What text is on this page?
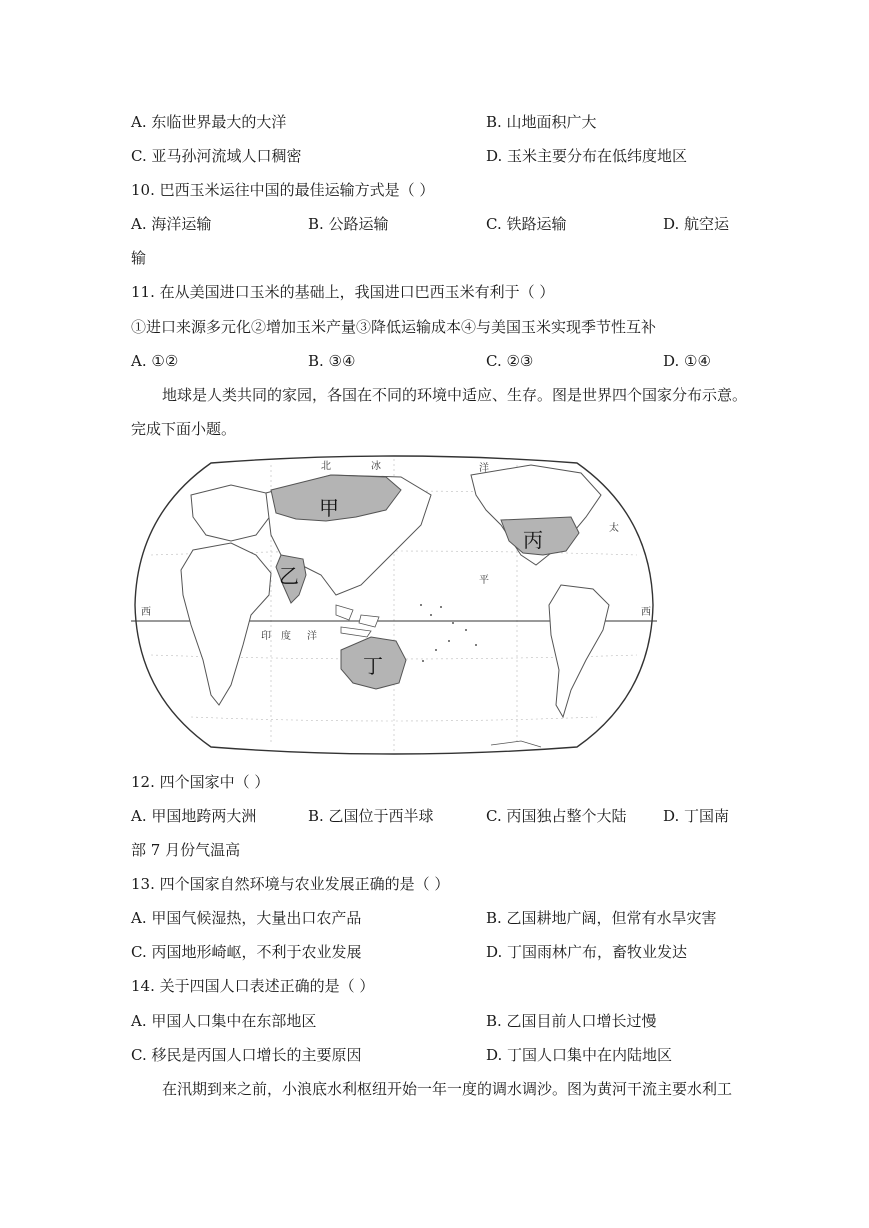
A. 东临世界最大的大洋	B. 山地面积广大
C. 亚马孙河流域人口稠密	D. 玉米主要分布在低纬度地区
10. 巴西玉米运往中国的最佳运输方式是（ ）
A. 海洋运输	B. 公路运输	C. 铁路运输	D. 航空运
输
11. 在从美国进口玉米的基础上，我国进口巴西玉米有利于（ ）
①进口来源多元化②增加玉米产量③降低运输成本④与美国玉米实现季节性互补
A. ①②	B. ③④	C. ②③	D. ①④
地球是人类共同的家园，各国在不同的环境中适应、生存。图是世界四个国家分布示意。
完成下面小题。
甲
乙
丙
丁
北	冰	洋
太
平
西	西
印 度 洋
12. 四个国家中（ ）
A. 甲国地跨两大洲	B. 乙国位于西半球	C. 丙国独占整个大陆 D. 丁国南
部 7 月份气温高
13. 四个国家自然环境与农业发展正确的是（ ）
A. 甲国气候湿热，大量出口农产品	B. 乙国耕地广阔，但常有水旱灾害
C. 丙国地形崎岖，不利于农业发展	D. 丁国雨林广布，畜牧业发达
14. 关于四国人口表述正确的是（ ）
A. 甲国人口集中在东部地区	B. 乙国目前人口增长过慢
C. 移民是丙国人口增长的主要原因	D. 丁国人口集中在内陆地区
在汛期到来之前，小浪底水利枢纽开始一年一度的调水调沙。图为黄河干流主要水利工
